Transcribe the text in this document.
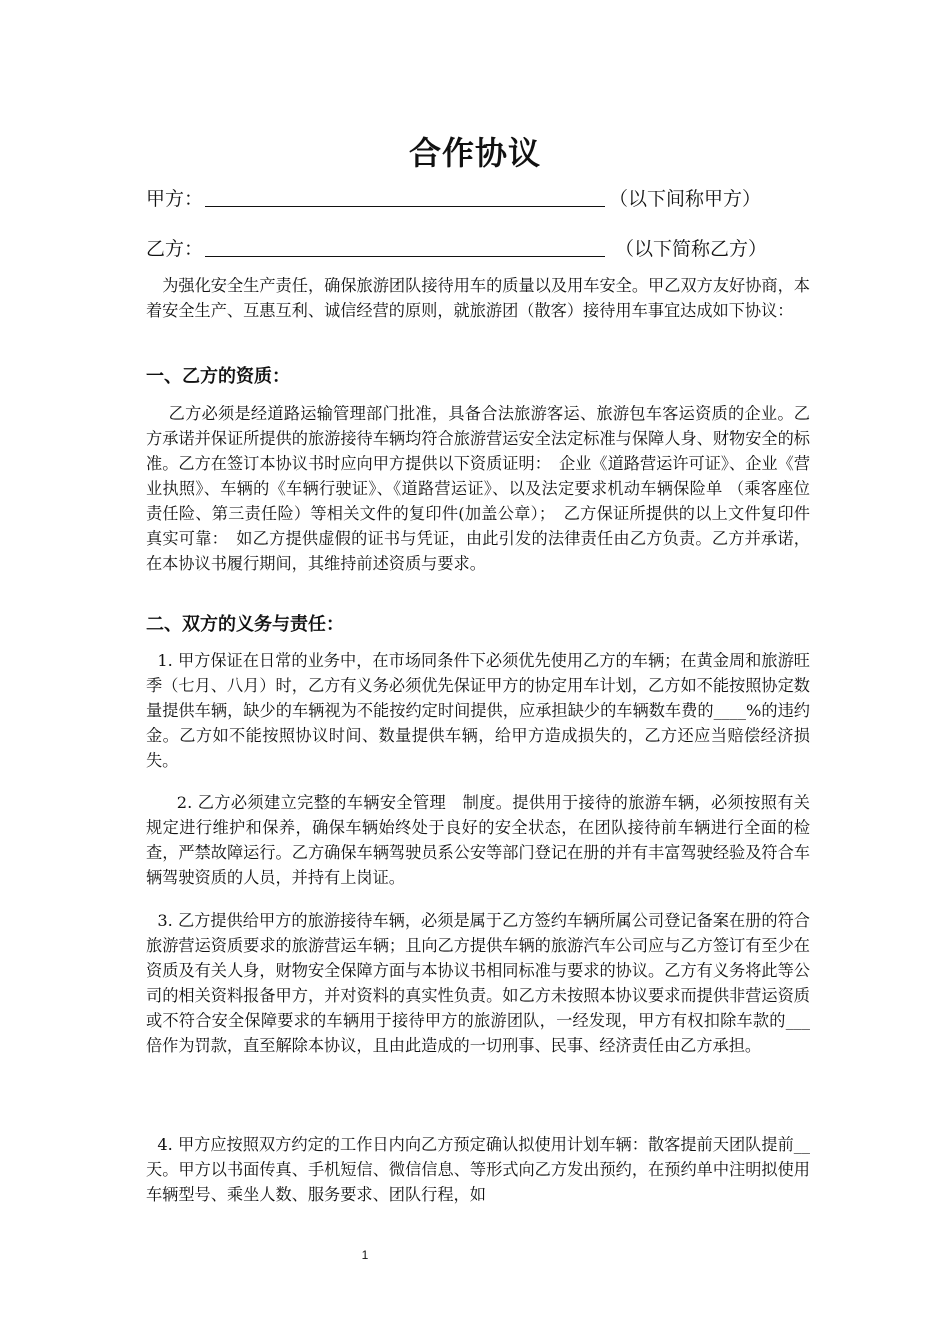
合作协议
甲方：	（以下间称甲方）
乙方：	（以下简称乙方）

为强化安全生产责任，确保旅游团队接待用车的质量以及用车安全。甲乙双方友好协商，本着安全生产、互惠互利、诚信经营的原则，就旅游团（散客）接待用车事宜达成如下协议：

一、乙方的资质：

乙方必须是经道路运输管理部门批准，具备合法旅游客运、旅游包车客运资质的企业。乙方承诺并保证所提供的旅游接待车辆均符合旅游营运安全法定标准与保障人身、财物安全的标准。乙方在签订本协议书时应向甲方提供以下资质证明：　企业《道路营运许可证》、企业《营业执照》、车辆的《车辆行驶证》、《道路营运证》、以及法定要求机动车辆保险单 （乘客座位责任险、第三责任险）等相关文件的复印件(加盖公章）；　乙方保证所提供的以上文件复印件真实可靠：　如乙方提供虚假的证书与凭证，由此引发的法律责任由乙方负责。乙方并承诺，在本协议书履行期间，其维持前述资质与要求。

二、双方的义务与责任：

1. 甲方保证在日常的业务中，在市场同条件下必须优先使用乙方的车辆；在黄金周和旅游旺季（七月、八月）时，乙方有义务必须优先保证甲方的协定用车计划，乙方如不能按照协定数量提供车辆，缺少的车辆视为不能按约定时间提供，应承担缺少的车辆数车费的____%的违约金。乙方如不能按照协议时间、数量提供车辆，给甲方造成损失的，乙方还应当赔偿经济损失。

2. 乙方必须建立完整的车辆安全管理　制度。提供用于接待的旅游车辆，必须按照有关规定进行维护和保养，确保车辆始终处于良好的安全状态，在团队接待前车辆进行全面的检查，严禁故障运行。乙方确保车辆驾驶员系公安等部门登记在册的并有丰富驾驶经验及符合车辆驾驶资质的人员，并持有上岗证。

3. 乙方提供给甲方的旅游接待车辆，必须是属于乙方签约车辆所属公司登记备案在册的符合旅游营运资质要求的旅游营运车辆；且向乙方提供车辆的旅游汽车公司应与乙方签订有至少在资质及有关人身，财物安全保障方面与本协议书相同标准与要求的协议。乙方有义务将此等公司的相关资料报备甲方，并对资料的真实性负责。如乙方未按照本协议要求而提供非营运资质或不符合安全保障要求的车辆用于接待甲方的旅游团队，一经发现，甲方有权扣除车款的___倍作为罚款，直至解除本协议，且由此造成的一切刑事、民事、经济责任由乙方承担。

4. 甲方应按照双方约定的工作日内向乙方预定确认拟使用计划车辆：散客提前天团队提前__天。甲方以书面传真、手机短信、微信信息、等形式向乙方发出预约，在预约单中注明拟使用车辆型号、乘坐人数、服务要求、团队行程，如

1
